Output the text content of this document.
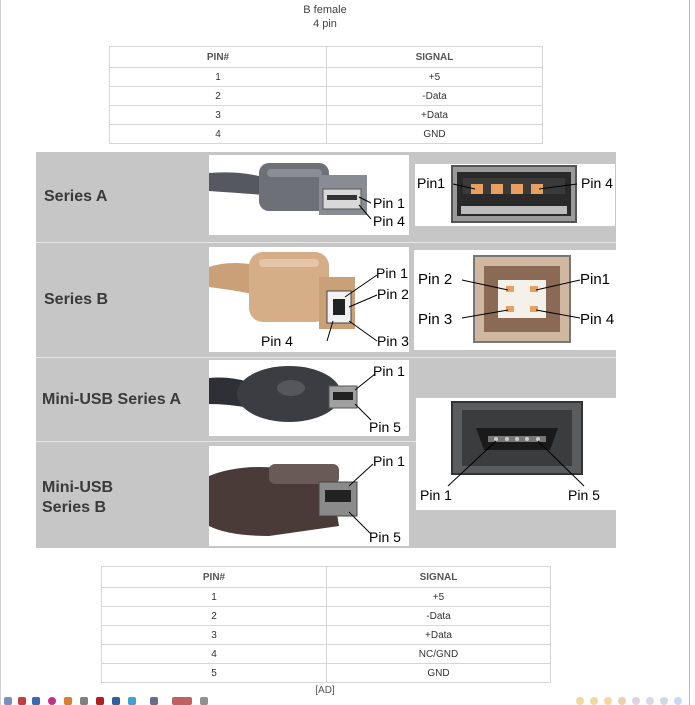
B female
4 pin
PIN#	SIGNAL
1	+5
2	-Data
3	+Data
4	GND
Series A
Series B
Mini-USB Series A
Mini-USB
Series B
Pin 1
Pin 4
Pin1	Pin 4
Pin 1
Pin 2
Pin 4	Pin 3
Pin 2	Pin1
Pin 3	Pin 4
Pin 1
Pin 5
Pin 1
Pin 5
Pin 1	Pin 5
PIN#	SIGNAL
1	+5
2	-Data
3	+Data
4	NC/GND
5	GND
[AD]
